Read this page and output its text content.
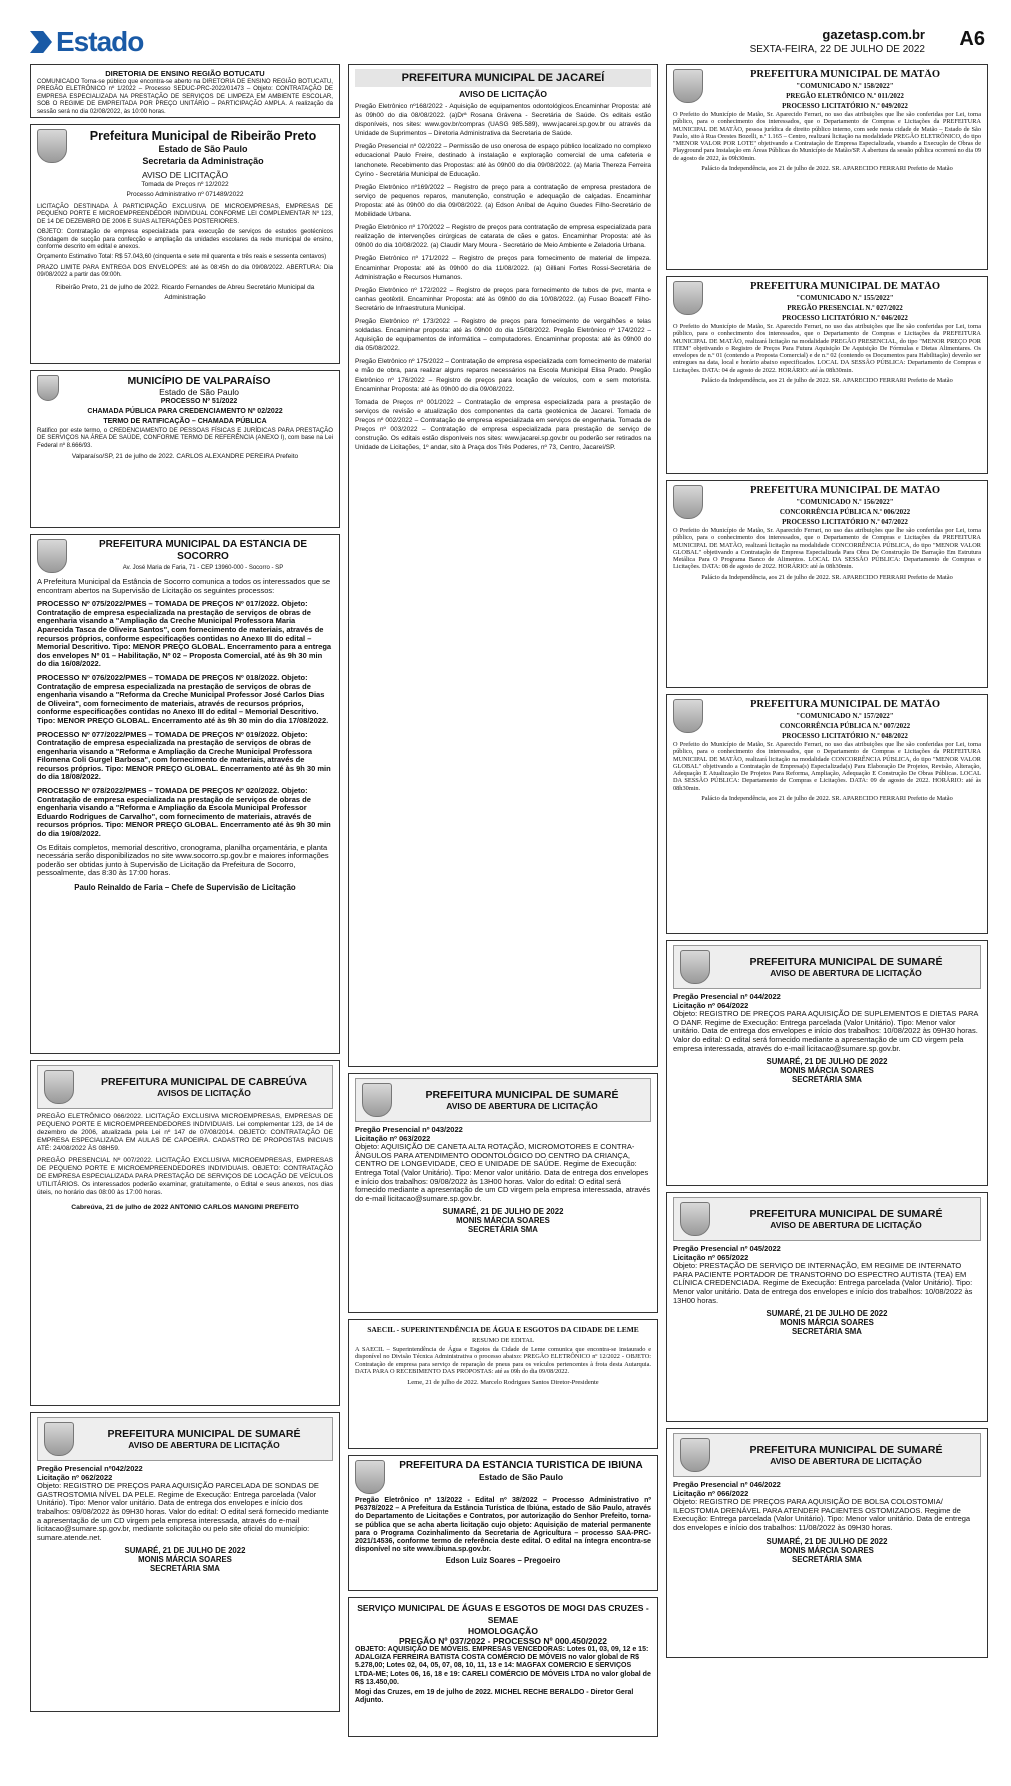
Estado	gazetasp.com.br
SEXTA-FEIRA, 22 DE JULHO DE 2022 A6
DIRETORIA DE ENSINO REGIÃO BOTUCATU
COMUNICADO Torna-se público que encontra-se aberto na DIRETORIA DE ENSINO REGIÃO BOTUCATU, PREGÃO ELETRÔNICO nº 1/2022 – Processo SEDUC-PRC-2022/01473 – Objeto: CONTRATAÇÃO DE EMPRESA ESPECIALIZADA NA PRESTAÇÃO DE SERVIÇOS DE LIMPEZA EM AMBIENTE ESCOLAR, SOB O REGIME DE EMPREITADA POR PREÇO UNITÁRIO – PARTICIPAÇÃO AMPLA. A realização da sessão será no dia 02/08/2022, às 10:00 horas.
Prefeitura Municipal de Ribeirão Preto
Estado de São Paulo
Secretaria da Administração
AVISO DE LICITAÇÃO
Tomada de Preços nº 12/2022
Processo Administrativo nº 071489/2022
LICITAÇÃO DESTINADA À PARTICIPAÇÃO EXCLUSIVA DE MICROEMPRESAS, EMPRESAS DE PEQUENO PORTE E MICROEMPREENDEDOR INDIVIDUAL CONFORME LEI COMPLEMENTAR Nº 123, DE 14 DE DEZEMBRO DE 2006 E SUAS ALTERAÇÕES POSTERIORES.
OBJETO: Contratação de empresa especializada para execução de serviços de estudos geotécnicos (Sondagem de sucção para confecção e ampliação da unidades escolares da rede municipal de ensino, conforme descrito em edital e anexos.
Orçamento Estimativo Total: R$ 57.043,60 (cinquenta e sete mil quarenta e três reais e sessenta centavos)
PRAZO LIMITE PARA ENTREGA DOS ENVELOPES: até às 08:45h do dia 09/08/2022. ABERTURA: Dia 09/08/2022 a partir das 09:00h.
Ribeirão Preto, 21 de julho de 2022. Ricardo Fernandes de Abreu Secretário Municipal da Administração
MUNICÍPIO DE VALPARAÍSO
Estado de São Paulo
PROCESSO Nº 51/2022
CHAMADA PÚBLICA PARA CREDENCIAMENTO Nº 02/2022
TERMO DE RATIFICAÇÃO – CHAMADA PÚBLICA
Ratifico por este termo, o CREDENCIAMENTO DE PESSOAS FÍSICAS E JURÍDICAS PARA PRESTAÇÃO DE SERVIÇOS NA ÁREA DE SAÚDE, CONFORME TERMO DE REFERÊNCIA (ANEXO I), com base na Lei Federal nº 8.666/93.
Valparaíso/SP, 21 de julho de 2022. CARLOS ALEXANDRE PEREIRA Prefeito
PREFEITURA MUNICIPAL DA ESTÂNCIA DE SOCORRO
Av. José Maria de Faria, 71 - CEP 13960-000 - Socorro - SP
A Prefeitura Municipal da Estância de Socorro comunica a todos os interessados que se encontram abertos na Supervisão de Licitação os seguintes processos:
PROCESSO Nº 075/2022/PMES – TOMADA DE PREÇOS Nº 017/2022. Objeto: Contratação de empresa especializada na prestação de serviços de obras de engenharia visando a "Ampliação da Creche Municipal Professora Maria Aparecida Tasca de Oliveira Santos", com fornecimento de materiais, através de recursos próprios, conforme especificações contidas no Anexo III do edital – Memorial Descritivo. Tipo: MENOR PREÇO GLOBAL. Encerramento para a entrega dos envelopes Nº 01 – Habilitação, Nº 02 – Proposta Comercial, até às 9h 30 min do dia 16/08/2022.
PROCESSO Nº 076/2022/PMES – TOMADA DE PREÇOS Nº 018/2022. Objeto: Contratação de empresa especializada na prestação de serviços de obras de engenharia visando a "Reforma da Creche Municipal Professor José Carlos Dias de Oliveira", com fornecimento de materiais, através de recursos próprios, conforme especificações contidas no Anexo III do edital – Memorial Descritivo. Tipo: MENOR PREÇO GLOBAL. Encerramento até às 9h 30 min do dia 17/08/2022.
PROCESSO Nº 077/2022/PMES – TOMADA DE PREÇOS Nº 019/2022. Objeto: Contratação de empresa especializada na prestação de serviços de obras de engenharia visando a "Reforma e Ampliação da Creche Municipal Professora Filomena Coli Gurgel Barbosa", com fornecimento de materiais, através de recursos próprios. Tipo: MENOR PREÇO GLOBAL. Encerramento até às 9h 30 min do dia 18/08/2022.
PROCESSO Nº 078/2022/PMES – TOMADA DE PREÇOS Nº 020/2022. Objeto: Contratação de empresa especializada na prestação de serviços de obras de engenharia visando a "Reforma e Ampliação da Escola Municipal Professor Eduardo Rodrigues de Carvalho", com fornecimento de materiais, através de recursos próprios. Tipo: MENOR PREÇO GLOBAL. Encerramento até às 9h 30 min do dia 19/08/2022.
Os Editais completos, memorial descritivo, cronograma, planilha orçamentária, e planta necessária serão disponibilizados no site www.socorro.sp.gov.br e maiores informações poderão ser obtidas junto à Supervisão de Licitação da Prefeitura de Socorro, pessoalmente, das 8:30 às 17:00 horas.
Paulo Reinaldo de Faria – Chefe de Supervisão de Licitação
PREFEITURA MUNICIPAL DE CABREÚVA
AVISOS DE LICITAÇÃO
PREGÃO ELETRÔNICO 066/2022. LICITAÇÃO EXCLUSIVA MICROEMPRESAS, EMPRESAS DE PEQUENO PORTE E MICROEMPREENDEDORES INDIVIDUAIS. Lei complementar 123, de 14 de dezembro de 2006, atualizada pela Lei nº 147 de 07/08/2014. OBJETO: CONTRATAÇÃO DE EMPRESA ESPECIALIZADA EM AULAS DE CAPOEIRA. CADASTRO DE PROPOSTAS INICIAIS ATÉ: 24/08/2022 ÀS 08H59.
PREGÃO PRESENCIAL Nº 007/2022. LICITAÇÃO EXCLUSIVA MICROEMPRESAS, EMPRESAS DE PEQUENO PORTE E MICROEMPREENDEDORES INDIVIDUAIS. OBJETO: CONTRATAÇÃO DE EMPRESA ESPECIALIZADA PARA PRESTAÇÃO DE SERVIÇOS DE LOCAÇÃO DE VEÍCULOS UTILITÁRIOS. Os interessados poderão examinar, gratuitamente, o Edital e seus anexos, nos dias úteis, no horário das 08:00 às 17:00 horas.
Cabreúva, 21 de julho de 2022 ANTONIO CARLOS MANGINI PREFEITO
PREFEITURA MUNICIPAL DE SUMARÉ
AVISO DE ABERTURA DE LICITAÇÃO
Pregão Presencial nº042/2022
Licitação nº 062/2022
Objeto: REGISTRO DE PREÇOS PARA AQUISIÇÃO PARCELADA DE SONDAS DE GASTROSTOMIA NÍVEL DA PELE. Regime de Execução: Entrega parcelada (Valor Unitário). Tipo: Menor valor unitário. Data de entrega dos envelopes e início dos trabalhos: 09/08/2022 às 09H30 horas. Valor do edital: O edital será fornecido mediante a apresentação de um CD virgem pela empresa interessada, através do e-mail licitacao@sumare.sp.gov.br, mediante solicitação ou pelo site oficial do município: sumare.atende.net.
SUMARÉ, 21 DE JULHO DE 2022
MONIS MÁRCIA SOARES
SECRETÁRIA SMA
PREFEITURA MUNICIPAL DE JACAREÍ
AVISO DE LICITAÇÃO
Pregão Eletrônico nº168/2022 - Aquisição de equipamentos odontológicos.Encaminhar Proposta: até às 09h00 do dia 08/08/2022. (a)Drª Rosana Grávena - Secretária de Saúde. Os editais estão disponíveis, nos sites: www.gov.br/compras (UASG 985.589), www.jacarei.sp.gov.br ou através da Unidade de Suprimentos – Diretoria Administrativa da Secretaria de Saúde.
Pregão Presencial nº 02/2022 – Permissão de uso onerosa de espaço público localizado no complexo educacional Paulo Freire, destinado à instalação e exploração comercial de uma cafeteria e lanchonete. Recebimento das Propostas: até às 09h00 do dia 09/08/2022. (a) Maria Thereza Ferreira Cyrino - Secretária Municipal de Educação.
Pregão Eletrônico nº169/2022 – Registro de preço para a contratação de empresa prestadora de serviço de pequenos reparos, manutenção, construção e adequação de calçadas. Encaminhar Proposta: até às 09h00 do dia 09/08/2022. (a) Edson Aníbal de Aquino Guedes Filho-Secretário de Mobilidade Urbana.
Pregão Eletrônico nº 170/2022 – Registro de preços para contratação de empresa especializada para realização de intervenções cirúrgicas de catarata de cães e gatos. Encaminhar Proposta: até às 09h00 do dia 10/08/2022. (a) Claudir Mary Moura - Secretário de Meio Ambiente e Zeladoria Urbana.
Pregão Eletrônico nº 171/2022 – Registro de preços para fornecimento de material de limpeza. Encaminhar Proposta: até às 09h00 do dia 11/08/2022. (a) Gilliani Fortes Rossi-Secretária de Administração e Recursos Humanos.
Pregão Eletrônico nº 172/2022 – Registro de preços para fornecimento de tubos de pvc, manta e canhas geotêxtil. Encaminhar Proposta: até às 09h00 do dia 10/08/2022. (a) Fusao Boaceff Filho-Secretário de Infraestrutura Municipal.
Pregão Eletrônico nº 173/2022 – Registro de preços para fornecimento de vergalhões e telas soldadas. Encaminhar proposta: até às 09h00 do dia 15/08/2022. Pregão Eletrônico nº 174/2022 – Aquisição de equipamentos de informática – computadores. Encaminhar proposta: até às 09h00 do dia 05/08/2022.
Pregão Eletrônico nº 175/2022 – Contratação de empresa especializada com fornecimento de material e mão de obra, para realizar alguns reparos necessários na Escola Municipal Elisa Prado. Pregão Eletrônico nº 176/2022 – Registro de preços para locação de veículos, com e sem motorista. Encaminhar Proposta: até às 09h00 do dia 09/08/2022.
Tomada de Preços nº 001/2022 – Contratação de empresa especializada para a prestação de serviços de revisão e atualização dos componentes da carta geotécnica de Jacareí. Tomada de Preços nº 002/2022 – Contratação de empresa especializada em serviços de engenharia. Tomada de Preços nº 003/2022 – Contratação de empresa especializada para prestação de serviço de construção. Os editais estão disponíveis nos sites: www.jacarei.sp.gov.br ou poderão ser retirados na Unidade de Licitações, 1º andar, sito à Praça dos Três Poderes, nº 73, Centro, Jacareí/SP.
PREFEITURA MUNICIPAL DE SUMARÉ
AVISO DE ABERTURA DE LICITAÇÃO
Pregão Presencial nº 043/2022
Licitação nº 063/2022
Objeto: AQUISIÇÃO DE CANETA ALTA ROTAÇÃO, MICROMOTORES E CONTRA-ÂNGULOS PARA ATENDIMENTO ODONTOLÓGICO DO CENTRO DA CRIANÇA, CENTRO DE LONGEVIDADE, CEO E UNIDADE DE SAÚDE. Regime de Execução: Entrega Total (Valor Unitário). Tipo: Menor valor unitário. Data de entrega dos envelopes e início dos trabalhos: 09/08/2022 às 13H00 horas. Valor do edital: O edital será fornecido mediante a apresentação de um CD virgem pela empresa interessada, através do e-mail licitacao@sumare.sp.gov.br.
SUMARÉ, 21 DE JULHO DE 2022
MONIS MÁRCIA SOARES
SECRETÁRIA SMA
SAECIL - SUPERINTENDÊNCIA DE ÁGUA E ESGOTOS DA CIDADE DE LEME
RESUMO DE EDITAL
A SAECIL – Superintendência de Água e Esgotos da Cidade de Leme comunica que encontra-se instaurado e disponível no Divisão Técnica Administrativa o processo abaixo: PREGÃO ELETRÔNICO nº 12/2022 - OBJETO: Contratação de empresa para serviço de reparação de pneus para os veículos pertencentes à frota desta Autarquia. DATA PARA O RECEBIMENTO DAS PROPOSTAS: até as 09h do dia 09/08/2022.
Leme, 21 de julho de 2022. Marcelo Rodrigues Santos Diretor-Presidente
PREFEITURA DA ESTÂNCIA TURÍSTICA DE IBIÚNA
Estado de São Paulo
Pregão Eletrônico nº 13/2022 - Edital nº 38/2022 – Processo Administrativo nº P6378/2022 – A Prefeitura da Estância Turística de Ibiúna, estado de São Paulo, através do Departamento de Licitações e Contratos, por autorização do Senhor Prefeito, torna-se pública que se acha aberta licitação cujo objeto: Aquisição de material permanente para o Programa Cozinhalimento da Secretaria de Agricultura – processo SAA-PRC-2021/14536, conforme termo de referência deste edital. O edital na íntegra encontra-se disponível no site www.ibiuna.sp.gov.br.
Edson Luiz Soares – Pregoeiro
SERVIÇO MUNICIPAL DE ÁGUAS E ESGOTOS DE MOGI DAS CRUZES - SEMAE
HOMOLOGAÇÃO
PREGÃO Nº 037/2022 - PROCESSO Nº 000.450/2022
OBJETO: AQUISIÇÃO DE MÓVEIS. EMPRESAS VENCEDORAS: Lotes 01, 03, 09, 12 e 15: ADALGIZA FERREIRA BATISTA COSTA COMÉRCIO DE MÓVEIS no valor global de R$ 5.278,00; Lotes 02, 04, 05, 07, 08, 10, 11, 13 e 14: MAGFAX COMERCIO E SERVIÇOS LTDA-ME; Lotes 06, 16, 18 e 19: CARELI COMÉRCIO DE MÓVEIS LTDA no valor global de R$ 13.450,00.
Mogi das Cruzes, em 19 de julho de 2022. MICHEL RECHE BERALDO - Diretor Geral Adjunto.
PREFEITURA MUNICIPAL DE MATÃO
"COMUNICADO N.º 158/2022"
PREGÃO ELETRÔNICO N.º 011/2022
PROCESSO LICITATÓRIO N.º 049/2022
O Prefeito do Município de Matão, Sr. Aparecido Ferrari, no uso das atribuições que lhe são conferidas por Lei, torna público, para o conhecimento dos interessados, que o Departamento de Compras e Licitações da PREFEITURA MUNICIPAL DE MATÃO, pessoa jurídica de direito público interno, com sede nesta cidade de Matão – Estado de São Paulo, sito à Rua Orestes Bozelli, n.º 1.165 – Centro, realizará licitação na modalidade PREGÃO ELETRÔNICO, do tipo "MENOR VALOR POR LOTE" objetivando a Contratação de Empresa Especializada, visando a Execução de Obras de Playground para Instalação em Áreas Públicas do Município de Matão/SP. A abertura da sessão pública ocorrerá no dia 09 de agosto de 2022, às 09h30min.
Palácio da Independência, aos 21 de julho de 2022. SR. APARECIDO FERRARI Prefeito de Matão
PREFEITURA MUNICIPAL DE MATÃO
"COMUNICADO N.º 155/2022"
PREGÃO PRESENCIAL N.º 027/2022
PROCESSO LICITATÓRIO N.º 046/2022
O Prefeito do Município de Matão, Sr. Aparecido Ferrari, no uso das atribuições que lhe são conferidas por Lei, torna público, para o conhecimento dos interessados, que o Departamento de Compras e Licitações da PREFEITURA MUNICIPAL DE MATÃO, realizará licitação na modalidade PREGÃO PRESENCIAL, do tipo "MENOR PREÇO POR ITEM" objetivando o Registro de Preços Para Futura Aquisição De Aquisição De Fórmulas e Dietas Alimentares. Os envelopes de n.º 01 (contendo a Proposta Comercial) e de n.º 02 (contendo os Documentos para Habilitação) deverão ser entregues na data, local e horário abaixo especificados. LOCAL DA SESSÃO PÚBLICA: Departamento de Compras e Licitações. DATA: 04 de agosto de 2022. HORÁRIO: até às 08h30min.
Palácio da Independência, aos 21 de julho de 2022. SR. APARECIDO FERRARI Prefeito de Matão
PREFEITURA MUNICIPAL DE MATÃO
"COMUNICADO N.º 156/2022"
CONCORRÊNCIA PÚBLICA N.º 006/2022
PROCESSO LICITATÓRIO N.º 047/2022
O Prefeito do Município de Matão, Sr. Aparecido Ferrari, no uso das atribuições que lhe são conferidas por Lei, torna público, para o conhecimento dos interessados, que o Departamento de Compras e Licitações da PREFEITURA MUNICIPAL DE MATÃO, realizará licitação na modalidade CONCORRÊNCIA PÚBLICA, do tipo "MENOR VALOR GLOBAL" objetivando a Contratação de Empresa Especializada Para Obra De Construção De Barração Em Estrutura Metálica Para O Programa Banco de Alimentos. LOCAL DA SESSÃO PÚBLICA: Departamento de Compras e Licitações. DATA: 08 de agosto de 2022. HORÁRIO: até às 08h30min.
Palácio da Independência, aos 21 de julho de 2022. SR. APARECIDO FERRARI Prefeito de Matão
PREFEITURA MUNICIPAL DE MATÃO
"COMUNICADO N.º 157/2022"
CONCORRÊNCIA PÚBLICA N.º 007/2022
PROCESSO LICITATÓRIO N.º 048/2022
O Prefeito do Município de Matão, Sr. Aparecido Ferrari, no uso das atribuições que lhe são conferidas por Lei, torna público, para o conhecimento dos interessados, que o Departamento de Compras e Licitações da PREFEITURA MUNICIPAL DE MATÃO, realizará licitação na modalidade CONCORRÊNCIA PÚBLICA, do tipo "MENOR VALOR GLOBAL" objetivando a Contratação de Empresa(s) Especializada(s) Para Elaboração De Projetos, Revisão, Alteração, Adequação E Atualização De Projetos Para Reforma, Ampliação, Adequação E Construção De Obras Públicas. LOCAL DA SESSÃO PÚBLICA: Departamento de Compras e Licitações. DATA: 09 de agosto de 2022. HORÁRIO: até às 08h30min.
Palácio da Independência, aos 21 de julho de 2022. SR. APARECIDO FERRARI Prefeito de Matão
PREFEITURA MUNICIPAL DE SUMARÉ
AVISO DE ABERTURA DE LICITAÇÃO
Pregão Presencial nº 044/2022
Licitação nº 064/2022
Objeto: REGISTRO DE PREÇOS PARA AQUISIÇÃO DE SUPLEMENTOS E DIETAS PARA O DANF. Regime de Execução: Entrega parcelada (Valor Unitário). Tipo: Menor valor unitário. Data de entrega dos envelopes e início dos trabalhos: 10/08/2022 às 09H30 horas. Valor do edital: O edital será fornecido mediante a apresentação de um CD virgem pela empresa interessada, através do e-mail licitacao@sumare.sp.gov.br.
SUMARÉ, 21 DE JULHO DE 2022
MONIS MÁRCIA SOARES
SECRETÁRIA SMA
PREFEITURA MUNICIPAL DE SUMARÉ
AVISO DE ABERTURA DE LICITAÇÃO
Pregão Presencial nº 045/2022
Licitação nº 065/2022
Objeto: PRESTAÇÃO DE SERVIÇO DE INTERNAÇÃO, EM REGIME DE INTERNATO PARA PACIENTE PORTADOR DE TRANSTORNO DO ESPECTRO AUTISTA (TEA) EM CLÍNICA CREDENCIADA. Regime de Execução: Entrega parcelada (Valor Unitário). Tipo: Menor valor unitário. Data de entrega dos envelopes e início dos trabalhos: 10/08/2022 às 13H00 horas.
SUMARÉ, 21 DE JULHO DE 2022
MONIS MÁRCIA SOARES
SECRETÁRIA SMA
PREFEITURA MUNICIPAL DE SUMARÉ
AVISO DE ABERTURA DE LICITAÇÃO
Pregão Presencial nº 046/2022
Licitação nº 066/2022
Objeto: REGISTRO DE PREÇOS PARA AQUISIÇÃO DE BOLSA COLOSTOMIA/ ILEOSTOMIA DRENÁVEL PARA ATENDER PACIENTES OSTOMIZADOS. Regime de Execução: Entrega parcelada (Valor Unitário). Tipo: Menor valor unitário. Data de entrega dos envelopes e início dos trabalhos: 11/08/2022 às 09H30 horas.
SUMARÉ, 21 DE JULHO DE 2022
MONIS MÁRCIA SOARES
SECRETÁRIA SMA
